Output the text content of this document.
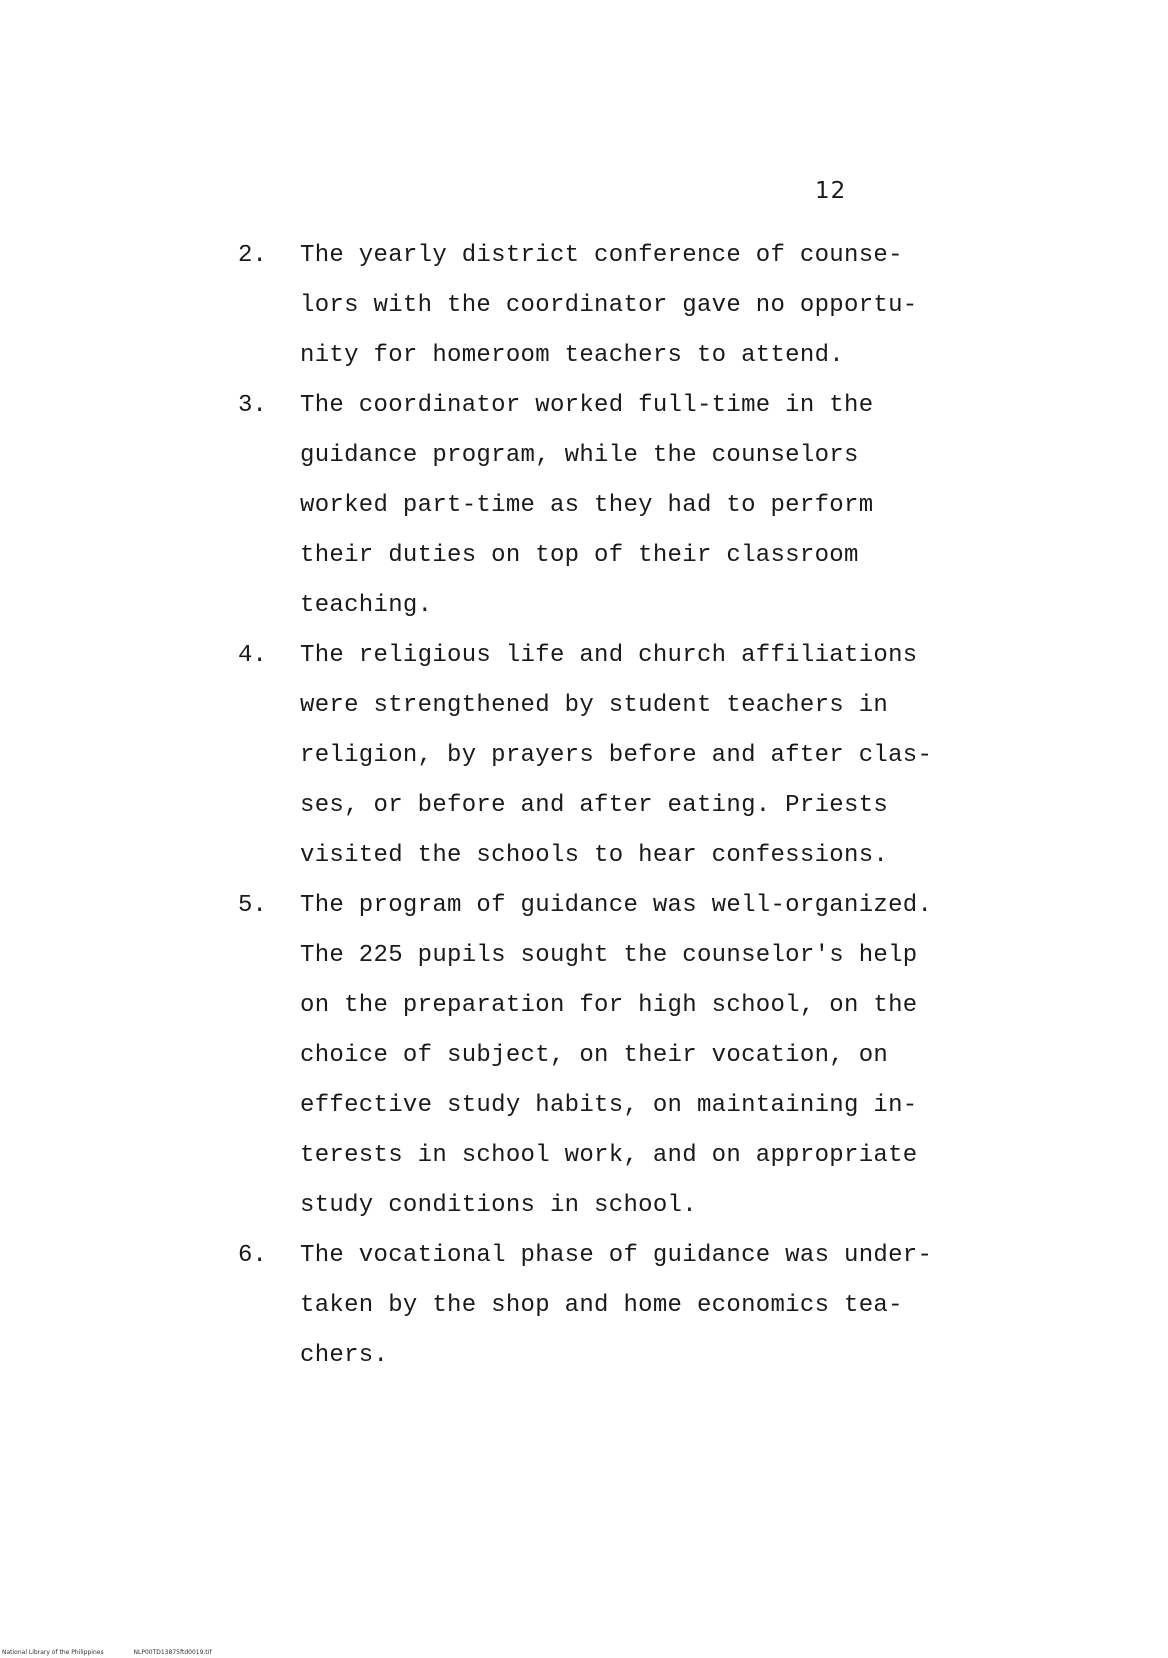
12
2. The yearly district conference of counse-
lors with the coordinator gave no opportu-
nity for homeroom teachers to attend.
3. The coordinator worked full-time in the
guidance program, while the counselors
worked part-time as they had to perform
their duties on top of their classroom
teaching.
4. The religious life and church affiliations
were strengthened by student teachers in
religion, by prayers before and after clas-
ses, or before and after eating. Priests
visited the schools to hear confessions.
5. The program of guidance was well-organized.
The 225 pupils sought the counselor's help
on the preparation for high school, on the
choice of subject, on their vocation, on
effective study habits, on maintaining in-
terests in school work, and on appropriate
study conditions in school.
6. The vocational phase of guidance was under-
taken by the shop and home economics tea-
chers.
National Library of the Philippines	NLP00TD13875ftd0019.tif
